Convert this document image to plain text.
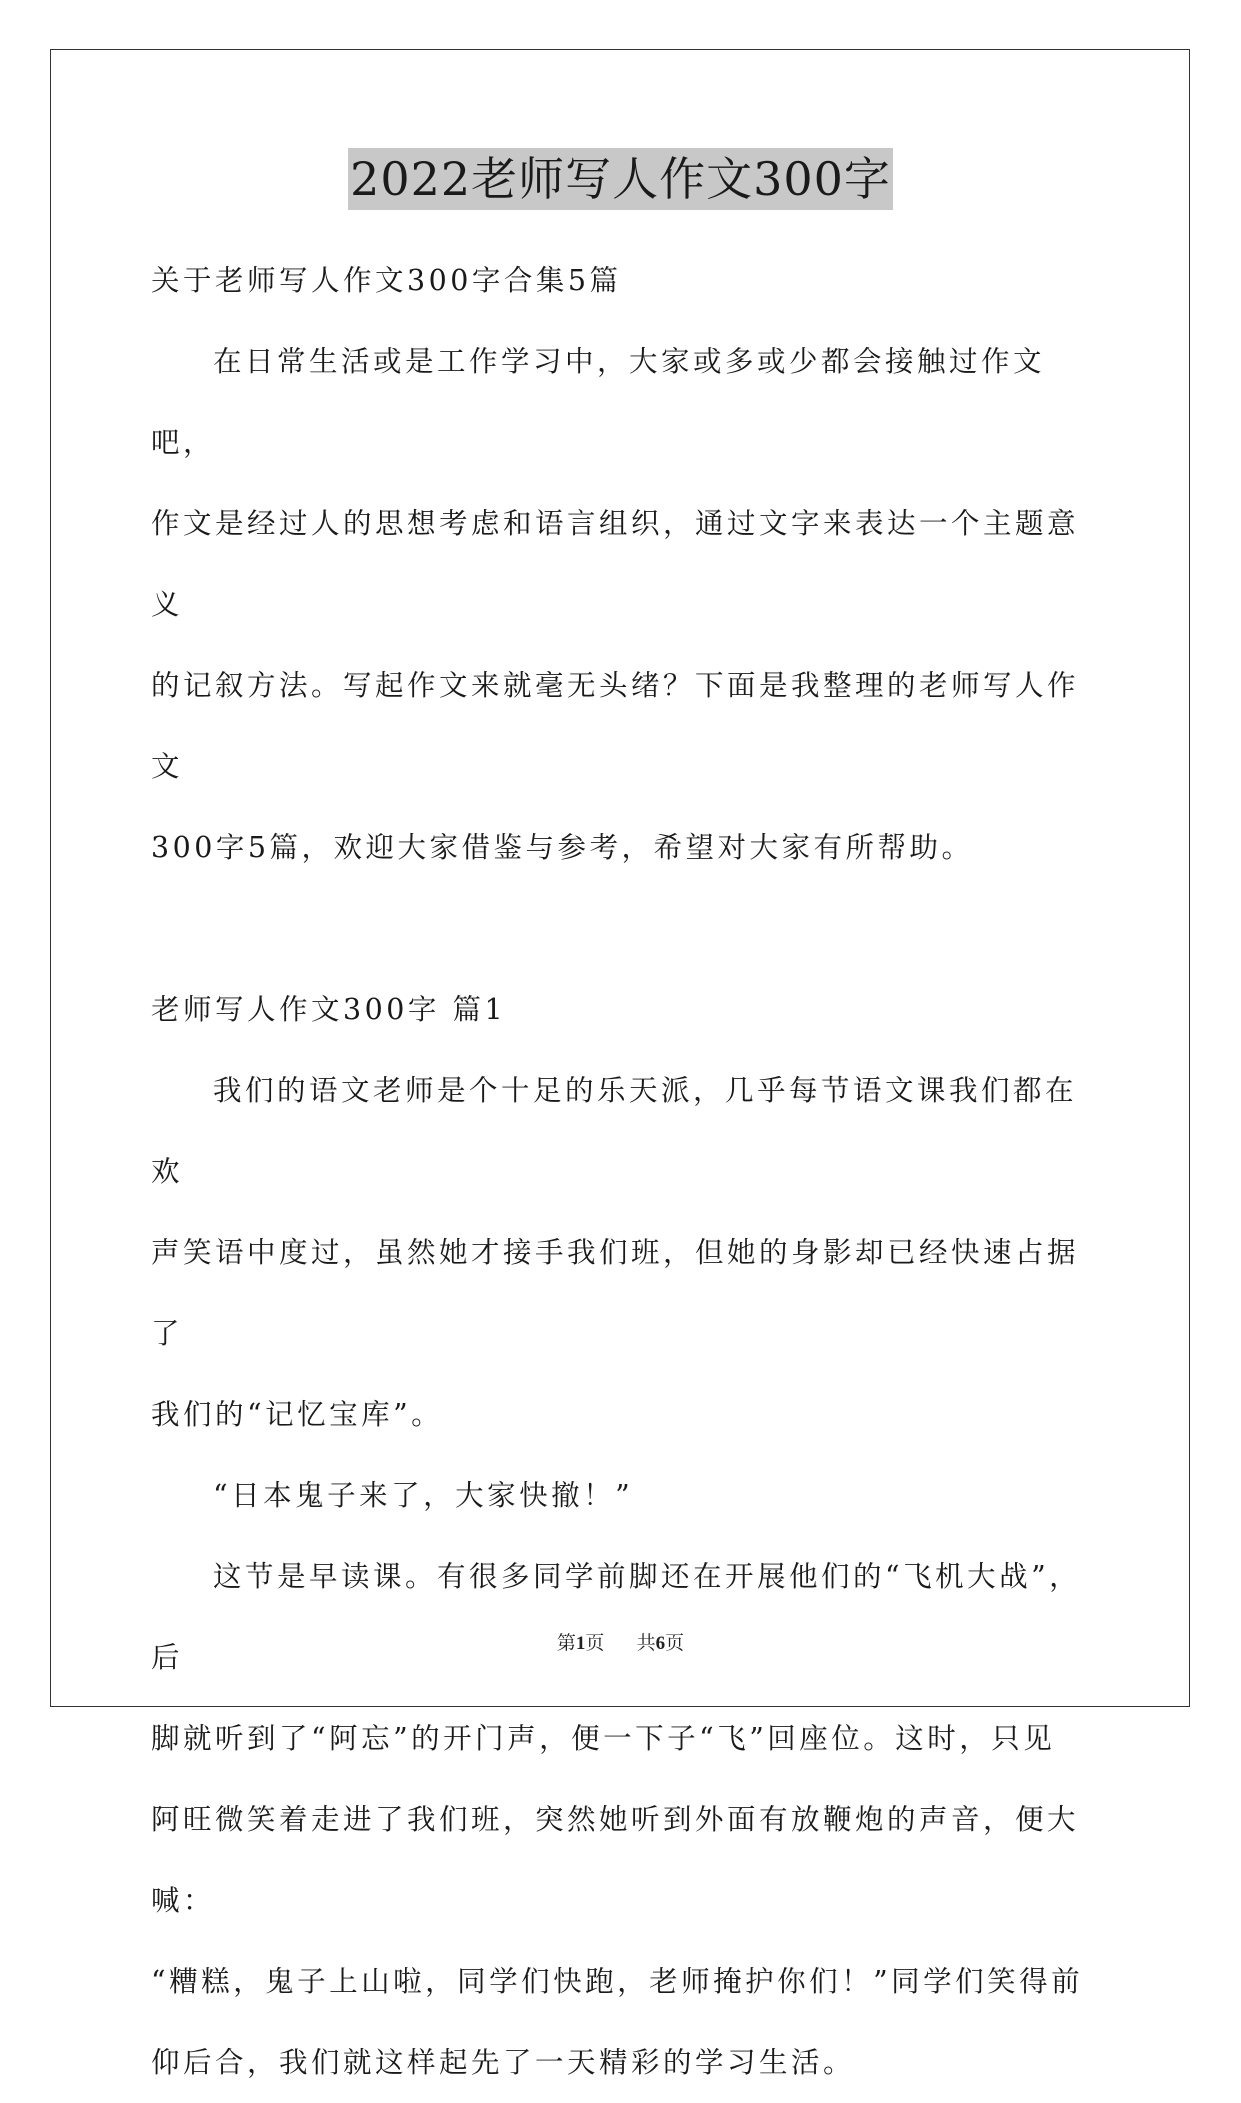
2022老师写人作文300字

关于老师写人作文300字合集5篇

在日常生活或是工作学习中，大家或多或少都会接触过作文吧，

作文是经过人的思想考虑和语言组织，通过文字来表达一个主题意义

的记叙方法。写起作文来就毫无头绪？下面是我整理的老师写人作文

300字5篇，欢迎大家借鉴与参考，希望对大家有所帮助。

老师写人作文300字 篇1

我们的语文老师是个十足的乐天派，几乎每节语文课我们都在欢

声笑语中度过，虽然她才接手我们班，但她的身影却已经快速占据了

我们的“记忆宝库”。

“日本鬼子来了，大家快撤！”

这节是早读课。有很多同学前脚还在开展他们的“飞机大战”，后

脚就听到了“阿忘”的开门声，便一下子“飞”回座位。这时，只见

阿旺微笑着走进了我们班，突然她听到外面有放鞭炮的声音，便大喊：

“糟糕，鬼子上山啦，同学们快跑，老师掩护你们！”同学们笑得前

仰后合，我们就这样起先了一天精彩的学习生活。

第1页 共6页
